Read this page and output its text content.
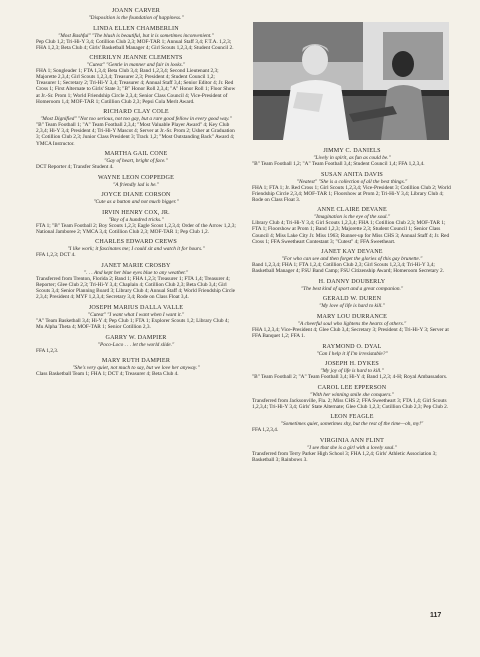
JOANN CARVER

"Disposition is the foundation of happiness."

LINDA ELLEN CHAMBERLIN

"Most Bashful" "The blush is beautiful, but it is sometimes inconvenient."

Pep Club 1,2; Tri-Hi-Y 3,4; Cotillion Club 2,3; MOF-TAR 1; Annual Staff 3,4; F.T.A. 1,2,3; FHA 1,2,3; Beta Club 4; Girls' Basketball Manager 4; Girl Scouts 1,2,3,4; Student Council 2.

CHERILYN JEANNE CLEMENTS

"Cutest" "Gentle in manner and fair in looks."

FHA 1; Songleader 1; FTA 1,3,4; Beta Club 3,4; Band 1,2,3,4; Second Lieutenant 2,3; Majorette 2,3,4; Girl Scouts 1,2,3,4; Treasurer 2,3; President 4; Student Council 1,2; Treasurer 1; Secretary 2; Tri-Hi-Y 3,4; Treasurer 4; Annual Staff 3,4; Senior Editor 4; Jr. Red Cross 1; First Alternate to Girls' State 3; "B" Honor Roll 2,3,4; "A" Honor Roll 1; Floor Show at Jr.-Sr. Prom 1; World Friendship Circle 2,3,4; Senior Class Council 4; Vice-President of Homeroom 1,4; MOF-TAR 1; Cotillion Club 2,3; Pepsi Cola Merit Award.

RICHARD CLAY COLE

"Most Dignified" "Not too serious, not too gay, but a rare good fellow in every good way."

"B" Team Football 1; "A" Team Football 2,3,4; "Most Valuable Player Award" 4; Key Club 2,3,4; Hi-Y 3,4; President 4; Tri-Hi-Y Mascot 4; Server at Jr.-Sr. Prom 2; Usher at Graduation 3; Cotillion Club 2,3; Junior Class President 3; Track 1,2; "Most Outstanding Back" Award 4; YMCA Instructor.

MARTHA GAIL CONE

"Gay of heart, bright of face."

DCT Reporter 4; Transfer Student 4.

WAYNE LEON COPPEDGE

"A friendly lad is he."

JOYCE DIANE CORSON

"Cute as a button and not much bigger."

IRVIN HENRY COX, JR.

"Boy of a hundred tricks."

FTA 1; "B" Team Football 2; Boy Scouts 1,2,3; Eagle Scout 1,2,3,4; Order of the Arrow 1,2,3; National Jamboree 2; YMCA 3,4; Cotillion Club 2,3; MOF-TAR 1; Pep Club 1,2.

CHARLES EDWARD CREWS

"I like work; it fascinates me; I could sit and watch it for hours."

FFA 1,2,3; DCT 4.

JANET MARIE CROSBY

". . . And kept her blue eyes blue to any weather."

Transferred from Trenton, Florida 2; Band 1; FHA 1,2,3; Treasurer 1; FTA 1,4; Treasurer 4; Reporter; Glee Club 2,3; Tri-Hi-Y 3,4; Chaplain 4; Cotillion Club 2,3; Beta Club 3,4; Girl Scouts 3,4; Senior Planning Board 3; Library Club 4; Annual Staff 4; World Friendship Circle 2,3,4; President 4; MYF 1,2,3,4; Secretary 3,4; Rode on Class Float 3,4.

JOSEPH MARIUS DALLA VALLE

"Cutest" "I want what I want when I want it."

"A" Team Basketball 3,4; Hi-Y 4; Pep Club 1; FTA 1; Explorer Scouts 1,2; Library Club 4; Mu Alpha Theta 4; MOF-TAR 1; Senior Cotillion 2,3.

GARRY W. DAMPIER

"Poco-Loco . . . let the world slide."

FFA 1,2,3.

MARY RUTH DAMPIER

"She's very quiet, not much to say, but we love her anyway."

Class Basketball Team 1; FHA 1; DCT 4; Treasurer 4; Beta Club 4.

JIMMY C. DANIELS

"Lively in spirit, as fun as could be."

"B" Team Football 1,2; "A" Team Football 3,4; Student Council 1,4; FFA 1,2,3,4.

SUSAN ANITA DAVIS

"Neatest" "She is a collection of all the best things."

FHA 1; FTA 1; Jr. Red Cross 1; Girl Scouts 1,2,3,4; Vice-President 3; Cotillion Club 2; World Friendship Circle 2,3,4; MOF-TAR 1; Floorshow at Prom 2; Tri-Hi-Y 3,4; Library Club 4; Rode on Class Float 3.

ANNE CLAIRE DEVANE

"Imagination is the eye of the soul."

Library Club 4; Tri-Hi-Y 3,4; Girl Scouts 1,2,3,4; FHA 1; Cotillion Club 2,3; MOF-TAR 1; FTA 1; Floorshow at Prom 1; Band 1,2,3; Majorette 2,3; Student Council 1; Senior Class Council 4; Miss Lake City Jr. Miss 1963; Runner-up for Miss CHS 3; Annual Staff 4; Jr. Red Cross 1; FFA Sweetheart Contestant 3; "Cutest" 4; FFA Sweetheart.

JANET KAY DEVANE

"For who can see and then forget the glories of this gay brunette."

Band 1,2,3,4; FHA 1; FTA 1,2,4; Cotillion Club 2,3; Girl Scouts 1,2,3,4; Tri-Hi-Y 3,4; Basketball Manager 4; FSU Band Camp; FSU Citizenship Award; Homeroom Secretary 2.

H. DANNY DOUBERLY

"The best kind of sport and a great companion."

GERALD W. DUREN

"My love of life is hard to kill."

MARY LOU DURRANCE

"A cheerful soul who lightens the hearts of others."

FHA 1,2,3,4; Vice-President 4; Glee Club 3,4; Secretary 3; President 4; Tri-Hi-Y 3; Server at FFA Banquet 1,2; FFA 1.

RAYMOND O. DYAL

"Can I help it if I'm irresistable?"

JOSEPH H. DYKES

"My joy of life is hard to kill."

"B" Team Football 2; "A" Team Football 3,4; Hi-Y 4; Band 1,2,3; 4-H; Royal Ambassadors.

CAROL LEE EPPERSON

"With her winning smile she conquers."

Transferred from Jacksonville, Fla. 2; Miss CHS 2; FFA Sweetheart 3; FTA 1,4; Girl Scouts 1,2,3,4; Tri-Hi-Y 3,4; Girls' State Alternate; Glee Club 1,2,3; Cotillion Club 2,3; Pep Club 2.

LEON FEAGLE

"Sometimes quiet, sometimes shy, but the rest of the time—oh, my!"

FFA 1,2,3,4.

VIRGINIA ANN FLINT

"I see that she is a girl with a lovely soul."

Transferred from Terry Parker High School 3; FHA 1,2,4; Girls' Athletic Association 3; Basketball 3; Rainbows 3.

117
